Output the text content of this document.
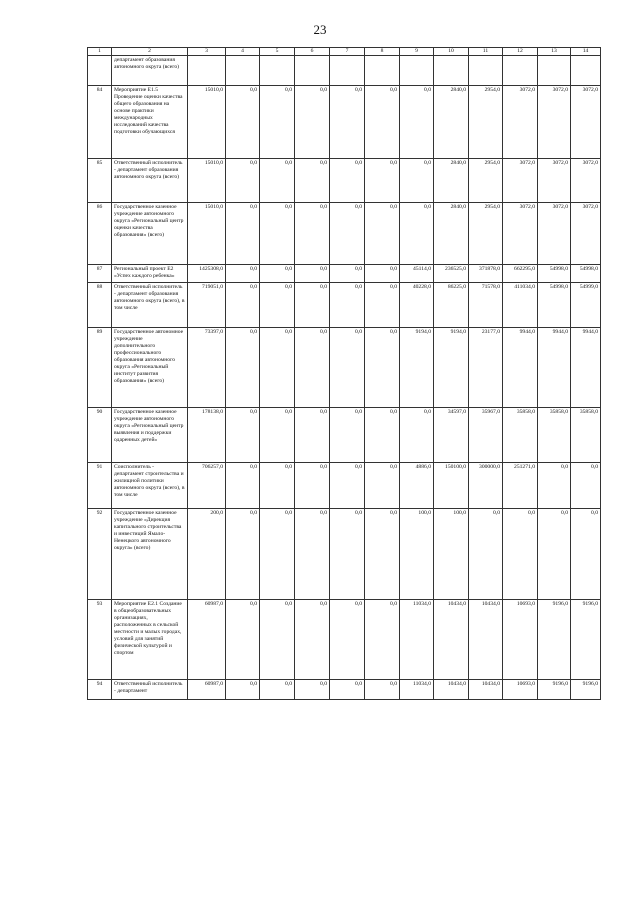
23
1	2	3	4	5	6	7	8	9	10	11	12	13	14
	департамент образования автономного округа (всего)												
84	Мероприятие Е1.5 Проведение оценки качества общего образования на основе практики международных исследований качества подготовки обучающихся	15010,0	0,0	0,0	0,0	0,0	0,0	0,0	2840,0	2954,0	3072,0	3072,0	3072,0
85	Ответственный исполнитель - департамент образования автономного округа (всего)	15010,0	0,0	0,0	0,0	0,0	0,0	0,0	2840,0	2954,0	3072,0	3072,0	3072,0
86	Государственное казенное учреждение автономного округа «Региональный центр оценки качества образования» (всего)	15010,0	0,0	0,0	0,0	0,0	0,0	0,0	2840,0	2954,0	3072,0	3072,0	3072,0
87	Региональный проект Е2 «Успех каждого ребенка»	1425308,0	0,0	0,0	0,0	0,0	0,0	45114,0	236525,0	371878,0	662295,0	54998,0	54998,0
88	Ответственный исполнитель - департамент образования автономного округа (всего), в том числе	719051,0	0,0	0,0	0,0	0,0	0,0	40228,0	86225,0	71578,0	411034,0	54998,0	54999,0
89	Государственное автономное учреждение дополнительного профессионального образования автономного округа «Региональный институт развития образования» (всего)	73397,0	0,0	0,0	0,0	0,0	0,0	9194,0	9194,0	23177,0	9944,0	9944,0	9944,0
90	Государственное казенное учреждение автономного округа «Региональный центр выявления и поддержки одаренных детей»	178138,0	0,0	0,0	0,0	0,0	0,0	0,0	34597,0	35967,0	35858,0	35858,0	35858,0
91	Соисполнитель - департамент строительства и жилищной политики автономного округа (всего), в том числе	706257,0	0,0	0,0	0,0	0,0	0,0	4886,0	150100,0	300000,0	251271,0	0,0	0,0
92	Государственное казенное учреждение «Дирекция капитального строительства и инвестиций Ямало-Ненецкого автономного округа» (всего)	200,0	0,0	0,0	0,0	0,0	0,0	100,0	100,0	0,0	0,0	0,0	0,0
93	Мероприятие Е2.1 Создание в общеобразовательных организациях, расположенных в сельской местности и малых городах, условий для занятий физической культурой и спортом	60987,0	0,0	0,0	0,0	0,0	0,0	11034,0	10434,0	10434,0	10693,0	9196,0	9196,0
94	Ответственный исполнитель - департамент	60987,0	0,0	0,0	0,0	0,0	0,0	11034,0	10434,0	10434,0	10693,0	9196,0	9196,0
